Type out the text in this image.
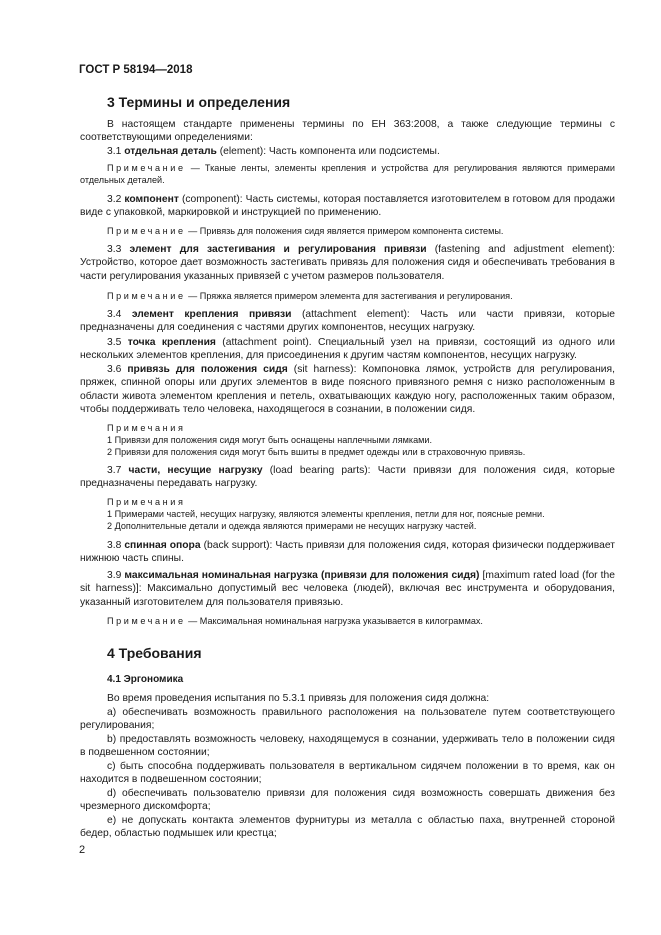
ГОСТ Р 58194—2018
3 Термины и определения

В настоящем стандарте применены термины по ЕН 363:2008, а также следующие термины с соответствующими определениями:

3.1 отдельная деталь (element): Часть компонента или подсистемы.

Примечание — Тканые ленты, элементы крепления и устройства для регулирования являются примерами отдельных деталей.

3.2 компонент (component): Часть системы, которая поставляется изготовителем в готовом для продажи виде с упаковкой, маркировкой и инструкцией по применению.

Примечание — Привязь для положения сидя является примером компонента системы.

3.3 элемент для застегивания и регулирования привязи (fastening and adjustment element): Устройство, которое дает возможность застегивать привязь для положения сидя и обеспечивать требования в части регулирования указанных привязей с учетом размеров пользователя.

Примечание — Пряжка является примером элемента для застегивания и регулирования.

3.4 элемент крепления привязи (attachment element): Часть или части привязи, которые предназначены для соединения с частями других компонентов, несущих нагрузку.

3.5 точка крепления (attachment point). Специальный узел на привязи, состоящий из одного или нескольких элементов крепления, для присоединения к другим частям компонентов, несущих нагрузку.

3.6 привязь для положения сидя (sit harness): Компоновка лямок, устройств для регулирования, пряжек, спинной опоры или других элементов в виде поясного привязного ремня с низко расположенным в области живота элементом крепления и петель, охватывающих каждую ногу, расположенных таким образом, чтобы поддерживать тело человека, находящегося в сознании, в положении сидя.

Примечания

1 Привязи для положения сидя могут быть оснащены наплечными лямками.

2 Привязи для положения сидя могут быть вшиты в предмет одежды или в страховочную привязь.

3.7 части, несущие нагрузку (load bearing parts): Части привязи для положения сидя, которые предназначены передавать нагрузку.

Примечания

1 Примерами частей, несущих нагрузку, являются элементы крепления, петли для ног, поясные ремни.

2 Дополнительные детали и одежда являются примерами не несущих нагрузку частей.

3.8 спинная опора (back support): Часть привязи для положения сидя, которая физически поддерживает нижнюю часть спины.

3.9 максимальная номинальная нагрузка (привязи для положения сидя) [maximum rated load (for the sit harness)]: Максимально допустимый вес человека (людей), включая вес инструмента и оборудования, указанный изготовителем для пользователя привязью.

Примечание — Максимальная номинальная нагрузка указывается в килограммах.

4 Требования
4.1 Эргономика

Во время проведения испытания по 5.3.1 привязь для положения сидя должна:

a) обеспечивать возможность правильного расположения на пользователе путем соответствующего регулирования;

b) предоставлять возможность человеку, находящемуся в сознании, удерживать тело в положении сидя в подвешенном состоянии;

c) быть способна поддерживать пользователя в вертикальном сидячем положении в то время, как он находится в подвешенном состоянии;

d) обеспечивать пользователю привязи для положения сидя возможность совершать движения без чрезмерного дискомфорта;

e) не допускать контакта элементов фурнитуры из металла с областью паха, внутренней стороной бедер, областью подмышек или крестца;

2
